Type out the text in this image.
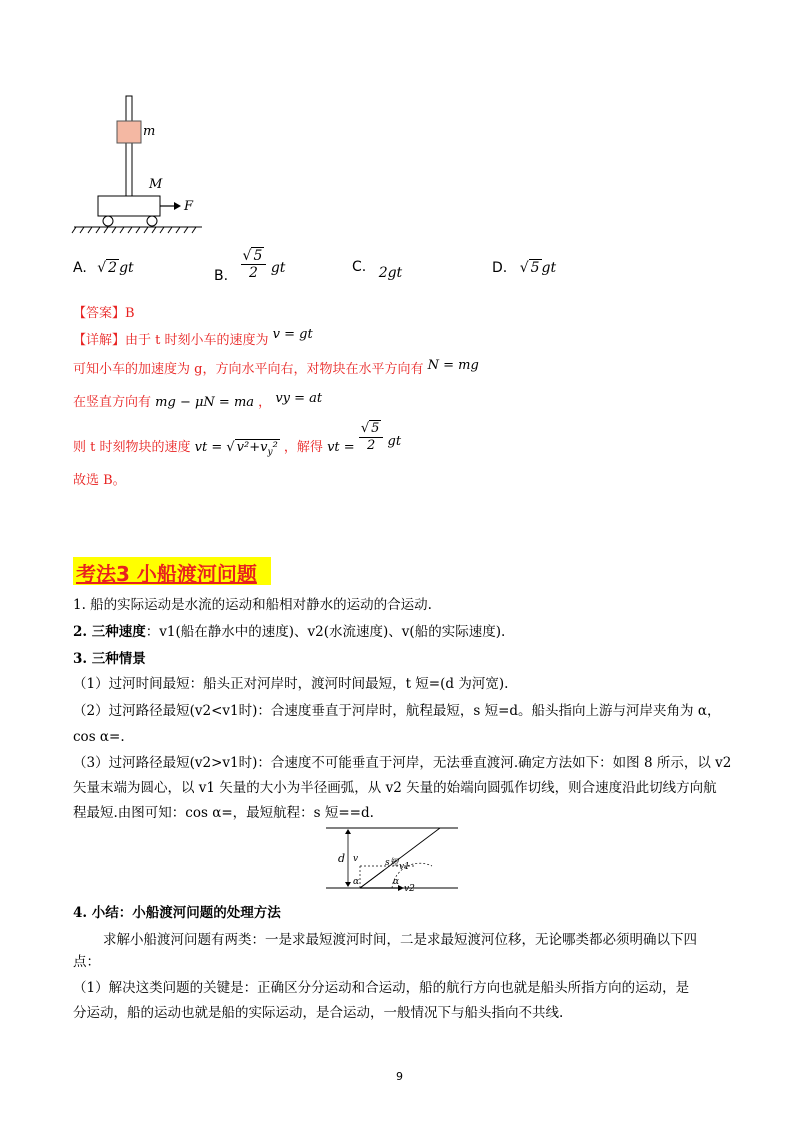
m
M
F
A. √ 2 gt	B. $\frac{√ 5}{2}$ gt	C. 2gt	D. √ 5 gt
【答案】B
【详解】由于 t 时刻小车的速度为 v = gt
可知小车的加速度为 g，方向水平向右，对物块在水平方向有 N = mg
在竖直方向有 mg − μN = ma ， vy = at
则 t 时刻物块的速度 vt = √ $v^2+v_y^2$ ，解得 vt = $\frac{√ 5}{2}$ gt
故选 B。
考法3 小船渡河问题
1. 船的实际运动是水流的运动和船相对静水的运动的合运动.
2. 三种速度：v1(船在静水中的速度)、v2(水流速度)、v(船的实际速度).
3. 三种情景
（1）过河时间最短：船头正对河岸时，渡河时间最短，t 短=(d 为河宽).
（2）过河路径最短(v2<v1时)：合速度垂直于河岸时，航程最短，s 短=d。船头指向上游与河岸夹角为 α，
cos α=.
（3）过河路径最短(v2>v1时)：合速度不可能垂直于河岸，无法垂直渡河.确定方法如下：如图 8 所示，以 v2
矢量末端为圆心，以 v1 矢量的大小为半径画弧，从 v2 矢量的始端向圆弧作切线，则合速度沿此切线方向航
程最短.由图可知：cos α=，最短航程：s 短==d.
d v	s短 v1
α	α
v2
4. 小结：小船渡河问题的处理方法
求解小船渡河问题有两类：一是求最短渡河时间，二是求最短渡河位移，无论哪类都必须明确以下四
点：
（1）解决这类问题的关键是：正确区分分运动和合运动，船的航行方向也就是船头所指方向的运动，是
分运动，船的运动也就是船的实际运动，是合运动，一般情况下与船头指向不共线.
9
